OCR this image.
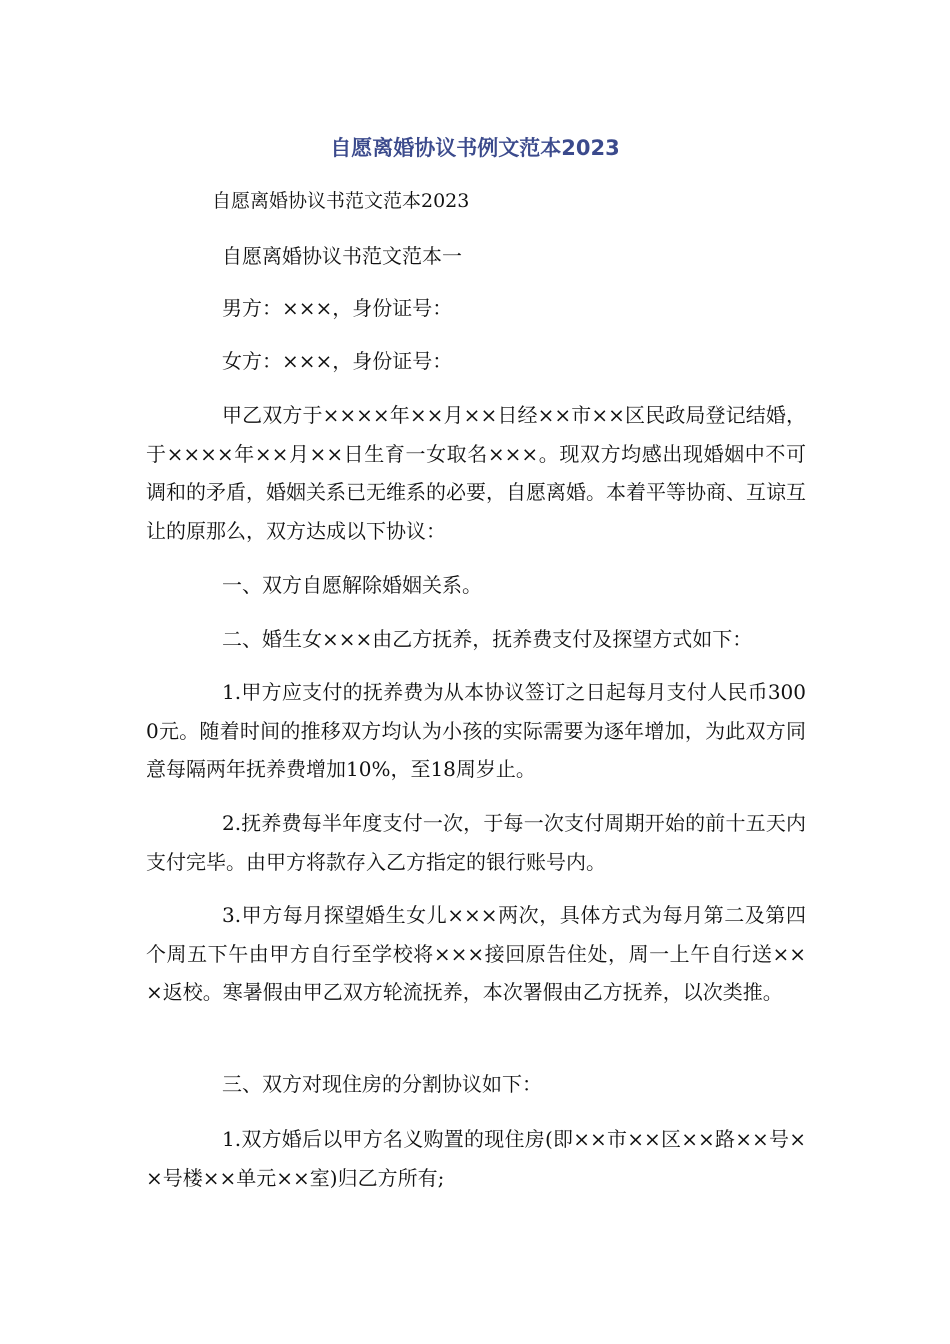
自愿离婚协议书例文范本2023
自愿离婚协议书范文范本2023
自愿离婚协议书范文范本一
男方：×××，身份证号：
女方：×××，身份证号：
甲乙双方于××××年××月××日经××市××区民政局登记结婚，于××××年××月××日生育一女取名×××。现双方均感出现婚姻中不可调和的矛盾，婚姻关系已无维系的必要，自愿离婚。本着平等协商、互谅互让的原那么，双方达成以下协议：
一、双方自愿解除婚姻关系。
二、婚生女×××由乙方抚养，抚养费支付及探望方式如下：
1.甲方应支付的抚养费为从本协议签订之日起每月支付人民币3000元。随着时间的推移双方均认为小孩的实际需要为逐年增加，为此双方同意每隔两年抚养费增加10%，至18周岁止。
2.抚养费每半年度支付一次，于每一次支付周期开始的前十五天内支付完毕。由甲方将款存入乙方指定的银行账号内。
3.甲方每月探望婚生女儿×××两次，具体方式为每月第二及第四个周五下午由甲方自行至学校将×××接回原告住处，周一上午自行送×××返校。寒暑假由甲乙双方轮流抚养，本次署假由乙方抚养，以次类推。
三、双方对现住房的分割协议如下：
1.双方婚后以甲方名义购置的现住房(即××市××区××路××号××号楼××单元××室)归乙方所有;
